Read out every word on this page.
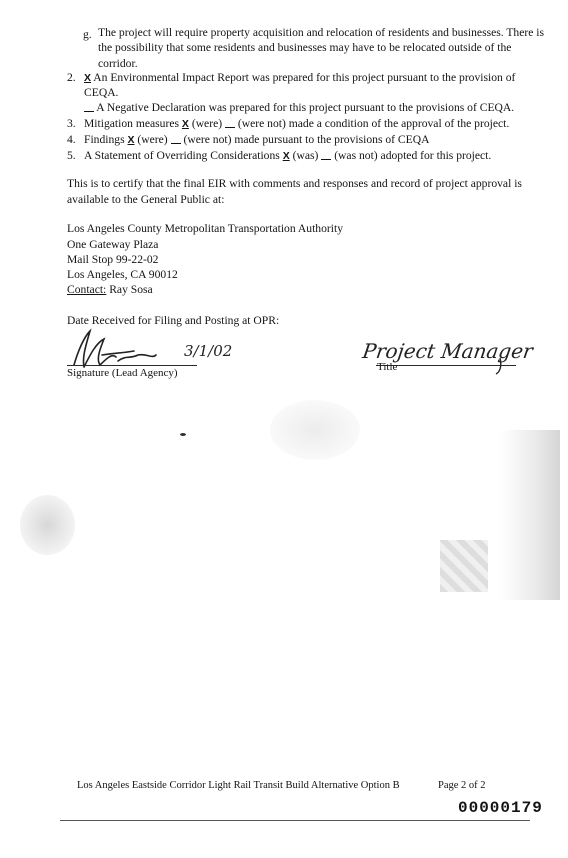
g. The project will require property acquisition and relocation of residents and businesses. There is
the possibility that some residents and businesses may have to be relocated outside of the
corridor.
2. X An Environmental Impact Report was prepared for this project pursuant to the provision of
CEQA.
A Negative Declaration was prepared for this project pursuant to the provisions of CEQA.
3. Mitigation measures X (were) (were not) made a condition of the approval of the project.
4. Findings X (were) (were not) made pursuant to the provisions of CEQA
5. A Statement of Overriding Considerations X (was) (was not) adopted for this project.
This is to certify that the final EIR with comments and responses and record of project approval is
available to the General Public at:
Los Angeles County Metropolitan Transportation Authority
One Gateway Plaza
Mail Stop 99-22-02
Los Angeles, CA 90012
Contact: Ray Sosa
Date Received for Filing and Posting at OPR:
3/1/02
Signature (Lead Agency)
Project Manager
Title
Los Angeles Eastside Corridor Light Rail Transit Build Alternative Option B	Page 2 of 2
00000179
